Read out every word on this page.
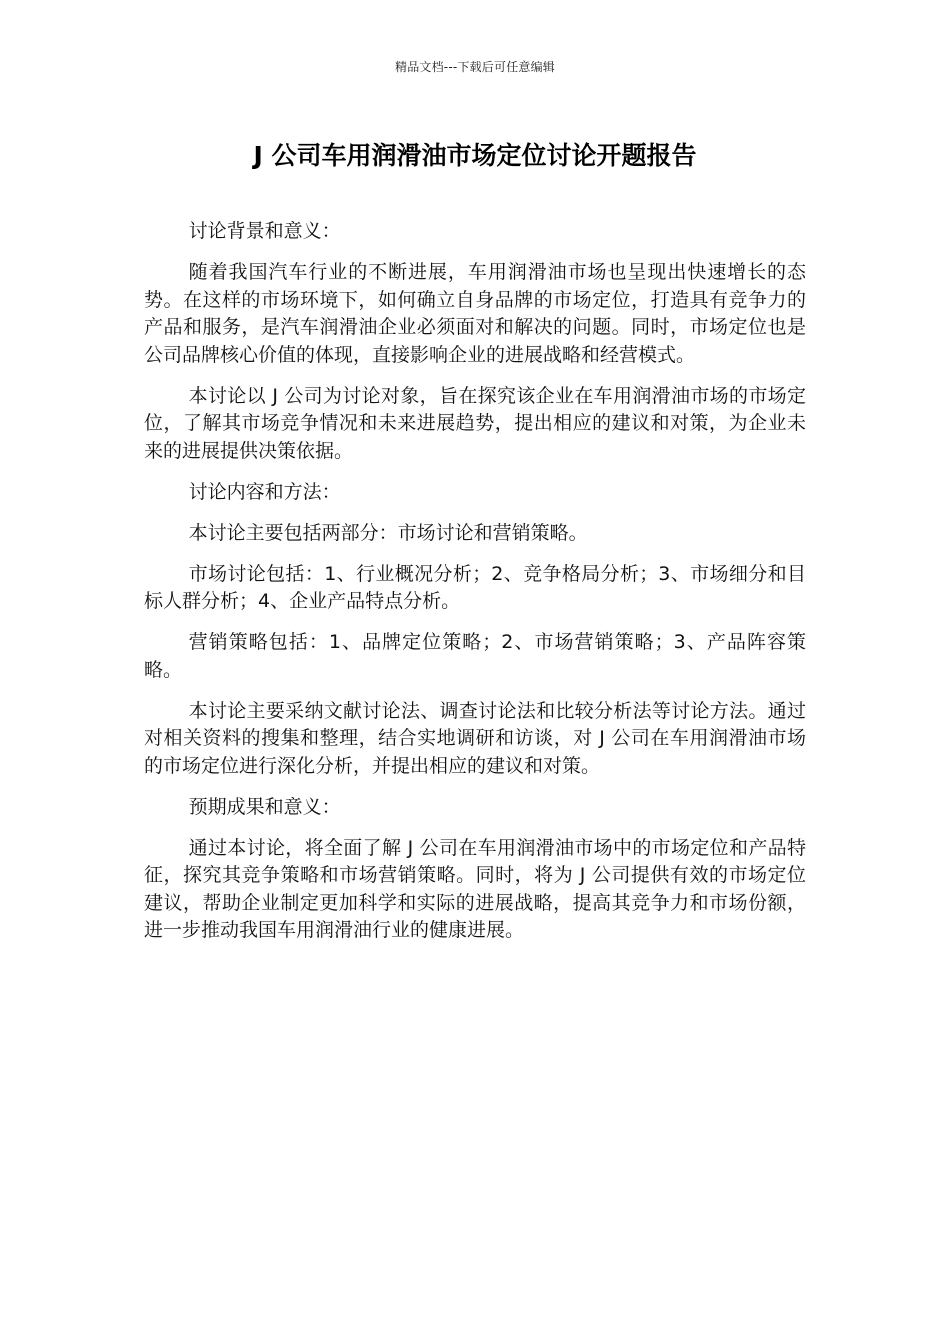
精品文档---下载后可任意编辑
J 公司车用润滑油市场定位讨论开题报告

讨论背景和意义：

随着我国汽车行业的不断进展，车用润滑油市场也呈现出快速增长的态势。在这样的市场环境下，如何确立自身品牌的市场定位，打造具有竞争力的产品和服务，是汽车润滑油企业必须面对和解决的问题。同时，市场定位也是公司品牌核心价值的体现，直接影响企业的进展战略和经营模式。

本讨论以 J 公司为讨论对象，旨在探究该企业在车用润滑油市场的市场定位，了解其市场竞争情况和未来进展趋势，提出相应的建议和对策，为企业未来的进展提供决策依据。

讨论内容和方法：

本讨论主要包括两部分：市场讨论和营销策略。

市场讨论包括：1、行业概况分析；2、竞争格局分析；3、市场细分和目标人群分析；4、企业产品特点分析。

营销策略包括：1、品牌定位策略；2、市场营销策略；3、产品阵容策略。

本讨论主要采纳文献讨论法、调查讨论法和比较分析法等讨论方法。通过对相关资料的搜集和整理，结合实地调研和访谈，对 J 公司在车用润滑油市场的市场定位进行深化分析，并提出相应的建议和对策。

预期成果和意义：

通过本讨论，将全面了解 J 公司在车用润滑油市场中的市场定位和产品特征，探究其竞争策略和市场营销策略。同时，将为 J 公司提供有效的市场定位建议，帮助企业制定更加科学和实际的进展战略，提高其竞争力和市场份额，进一步推动我国车用润滑油行业的健康进展。
